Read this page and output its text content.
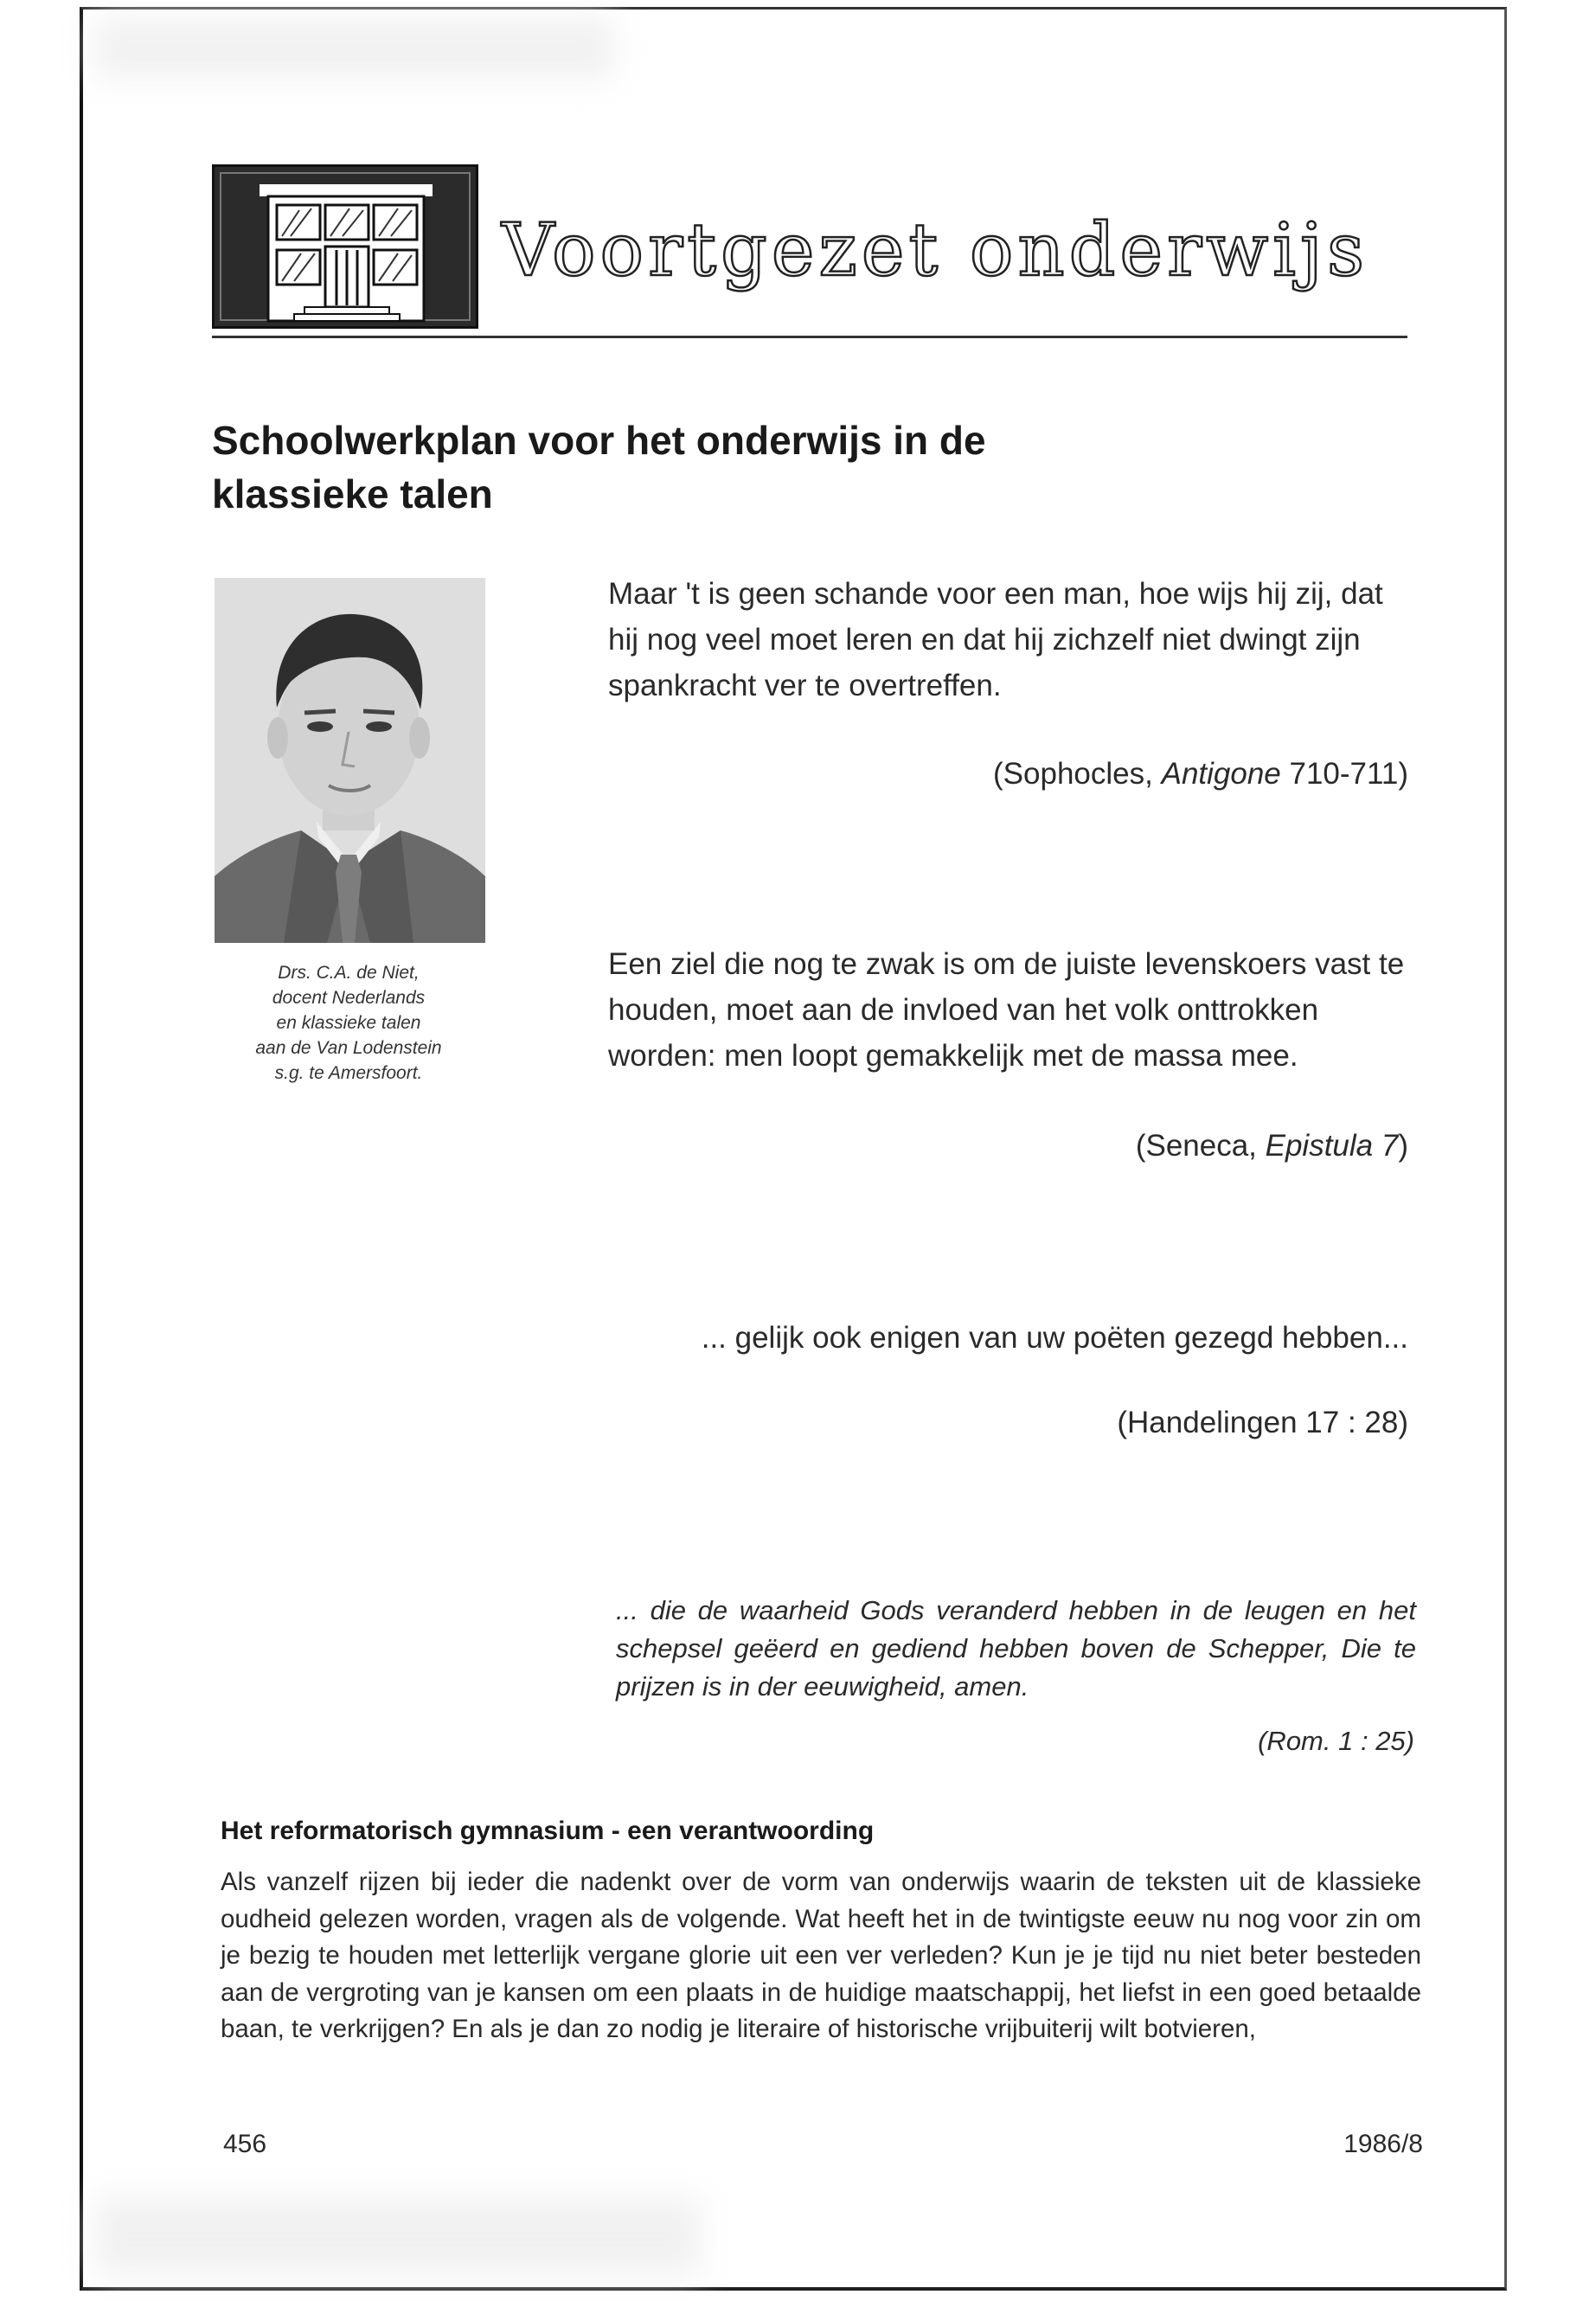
Voortgezet onderwijs
Schoolwerkplan voor het onderwijs in de klassieke talen
Drs. C.A. de Niet,
docent Nederlands
en klassieke talen
aan de Van Lodenstein
s.g. te Amersfoort.

Maar 't is geen schande voor een man, hoe wijs hij zij, dat hij nog veel moet leren en dat hij zichzelf niet dwingt zijn spankracht ver te overtreffen.

(Sophocles, Antigone 710-711)

Een ziel die nog te zwak is om de juiste levenskoers vast te houden, moet aan de invloed van het volk onttrokken worden: men loopt gemakkelijk met de massa mee.

(Seneca, Epistula 7)

... gelijk ook enigen van uw poëten gezegd hebben...

(Handelingen 17 : 28)

... die de waarheid Gods veranderd hebben in de leugen en het schepsel geëerd en gediend hebben boven de Schepper, Die te prijzen is in der eeuwigheid, amen.

(Rom. 1 : 25)

Het reformatorisch gymnasium - een verantwoording

Als vanzelf rijzen bij ieder die nadenkt over de vorm van onderwijs waarin de teksten uit de klassieke oudheid gelezen worden, vragen als de volgende. Wat heeft het in de twintigste eeuw nu nog voor zin om je bezig te houden met letterlijk vergane glorie uit een ver verleden? Kun je je tijd nu niet beter besteden aan de vergroting van je kansen om een plaats in de huidige maatschappij, het liefst in een goed betaalde baan, te verkrijgen? En als je dan zo nodig je literaire of historische vrijbuiterij wilt botvieren,

456	1986/8
